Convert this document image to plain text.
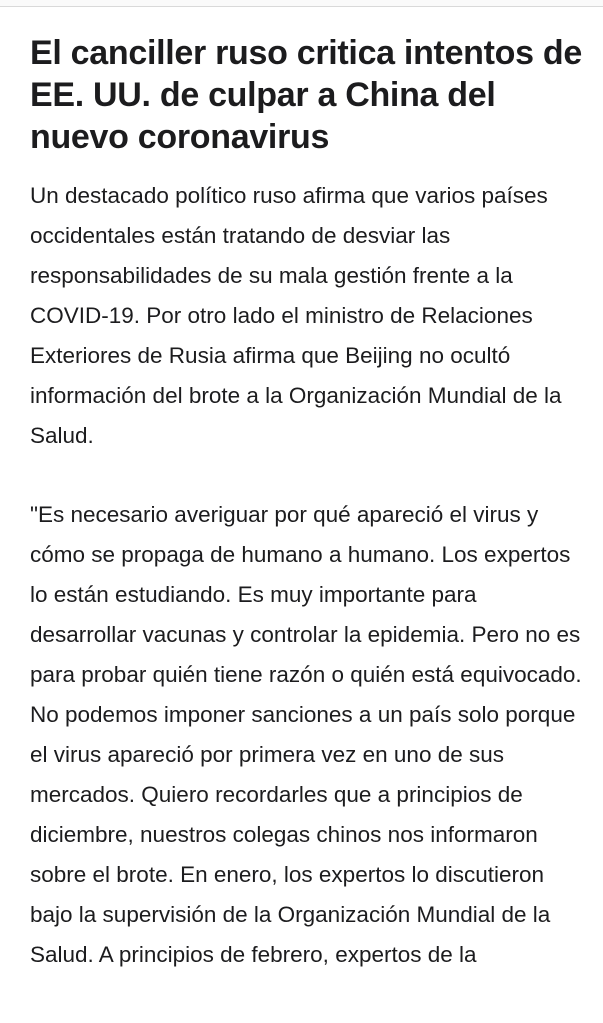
El canciller ruso critica intentos de EE. UU. de culpar a China del nuevo coronavirus

Un destacado político ruso afirma que varios países occidentales están tratando de desviar las responsabilidades de su mala gestión frente a la COVID-19. Por otro lado el ministro de Relaciones Exteriores de Rusia afirma que Beijing no ocultó información del brote a la Organización Mundial de la Salud.

"Es necesario averiguar por qué apareció el virus y cómo se propaga de humano a humano. Los expertos lo están estudiando. Es muy importante para desarrollar vacunas y controlar la epidemia. Pero no es para probar quién tiene razón o quién está equivocado. No podemos imponer sanciones a un país solo porque el virus apareció por primera vez en uno de sus mercados. Quiero recordarles que a principios de diciembre, nuestros colegas chinos nos informaron sobre el brote. En enero, los expertos lo discutieron bajo la supervisión de la Organización Mundial de la Salud. A principios de febrero, expertos de la
